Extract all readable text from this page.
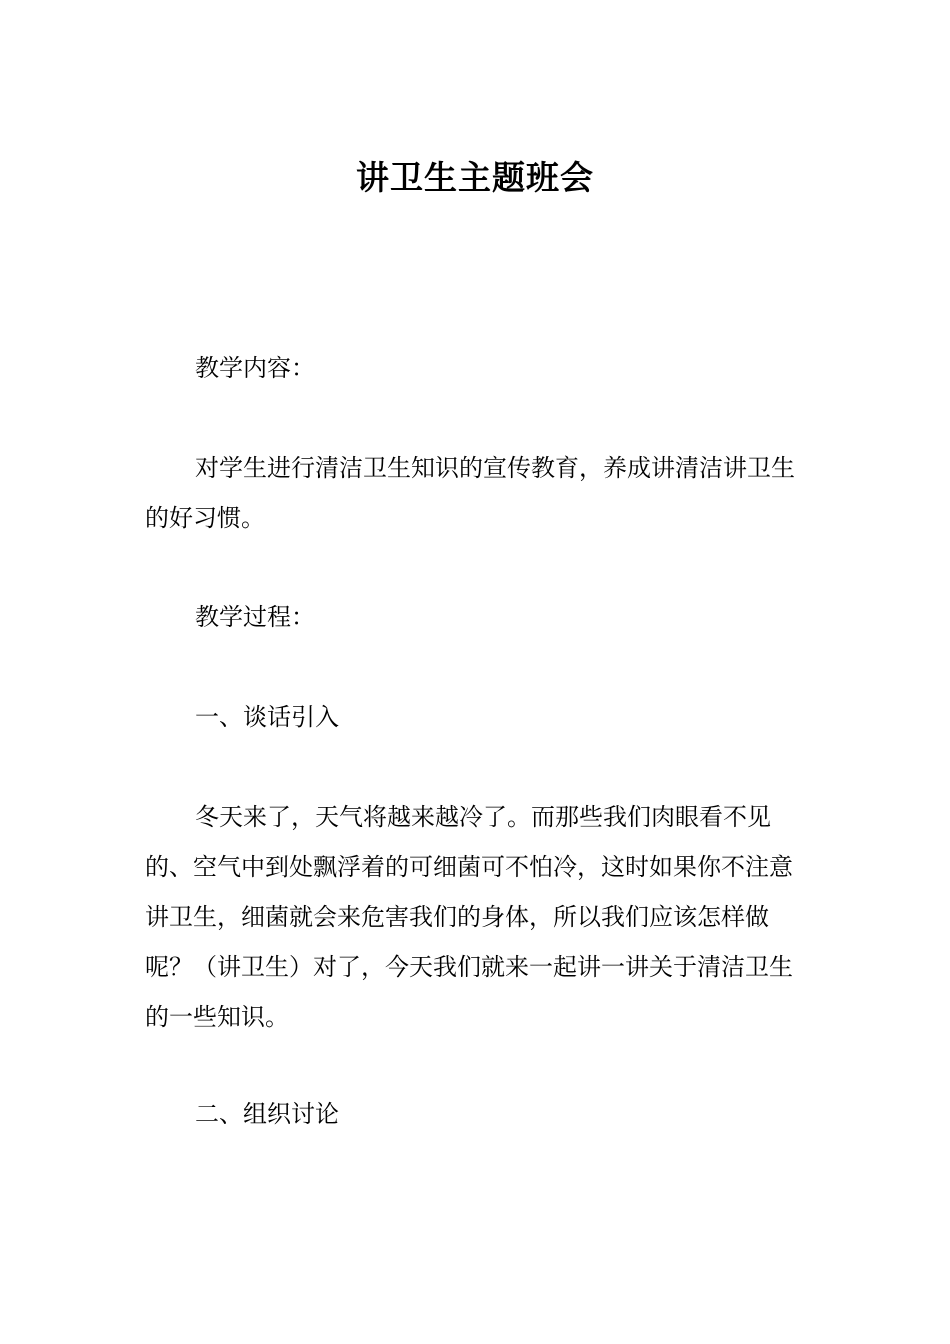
讲卫生主题班会

教学内容：

对学生进行清洁卫生知识的宣传教育，养成讲清洁讲卫生的好习惯。

教学过程：

一、谈话引入

冬天来了，天气将越来越冷了。而那些我们肉眼看不见的、空气中到处飘浮着的可细菌可不怕冷，这时如果你不注意讲卫生，细菌就会来危害我们的身体，所以我们应该怎样做呢？（讲卫生）对了，今天我们就来一起讲一讲关于清洁卫生的一些知识。

二、组织讨论
